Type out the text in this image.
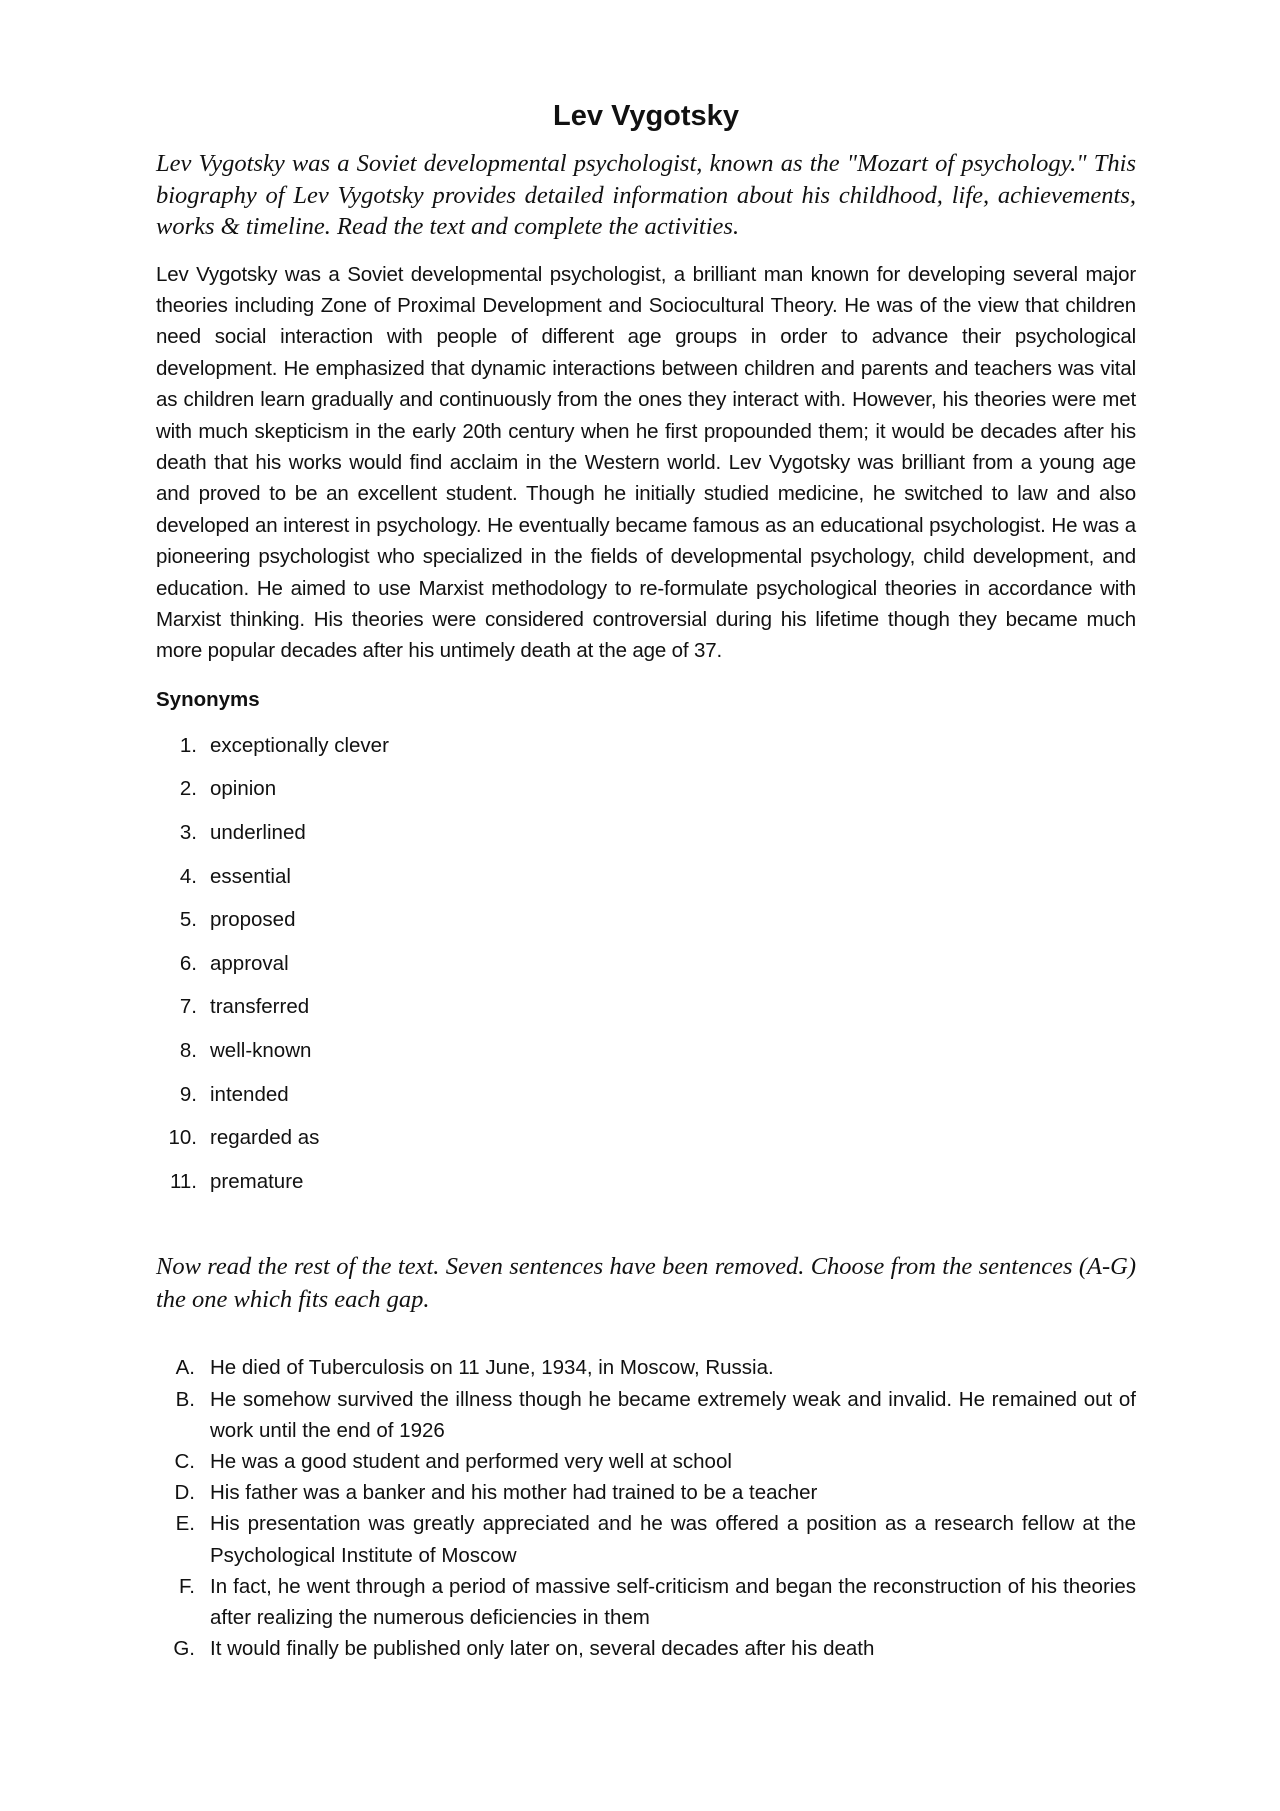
Lev Vygotsky

Lev Vygotsky was a Soviet developmental psychologist, known as the "Mozart of psychology." This biography of Lev Vygotsky provides detailed information about his childhood, life, achievements, works & timeline. Read the text and complete the activities.

Lev Vygotsky was a Soviet developmental psychologist, a brilliant man known for developing several major theories including Zone of Proximal Development and Sociocultural Theory. He was of the view that children need social interaction with people of different age groups in order to advance their psychological development. He emphasized that dynamic interactions between children and parents and teachers was vital as children learn gradually and continuously from the ones they interact with. However, his theories were met with much skepticism in the early 20th century when he first propounded them; it would be decades after his death that his works would find acclaim in the Western world. Lev Vygotsky was brilliant from a young age and proved to be an excellent student. Though he initially studied medicine, he switched to law and also developed an interest in psychology. He eventually became famous as an educational psychologist. He was a pioneering psychologist who specialized in the fields of developmental psychology, child development, and education. He aimed to use Marxist methodology to re-formulate psychological theories in accordance with Marxist thinking. His theories were considered controversial during his lifetime though they became much more popular decades after his untimely death at the age of 37.

Synonyms
1. exceptionally clever
2. opinion
3. underlined
4. essential
5. proposed
6. approval
7. transferred
8. well-known
9. intended
10. regarded as
11. premature

Now read the rest of the text. Seven sentences have been removed. Choose from the sentences (A-G) the one which fits each gap.

A. He died of Tuberculosis on 11 June, 1934, in Moscow, Russia.
B. He somehow survived the illness though he became extremely weak and invalid. He remained out of work until the end of 1926
C. He was a good student and performed very well at school
D. His father was a banker and his mother had trained to be a teacher
E. His presentation was greatly appreciated and he was offered a position as a research fellow at the Psychological Institute of Moscow
F. In fact, he went through a period of massive self-criticism and began the reconstruction of his theories after realizing the numerous deficiencies in them
G. It would finally be published only later on, several decades after his death
